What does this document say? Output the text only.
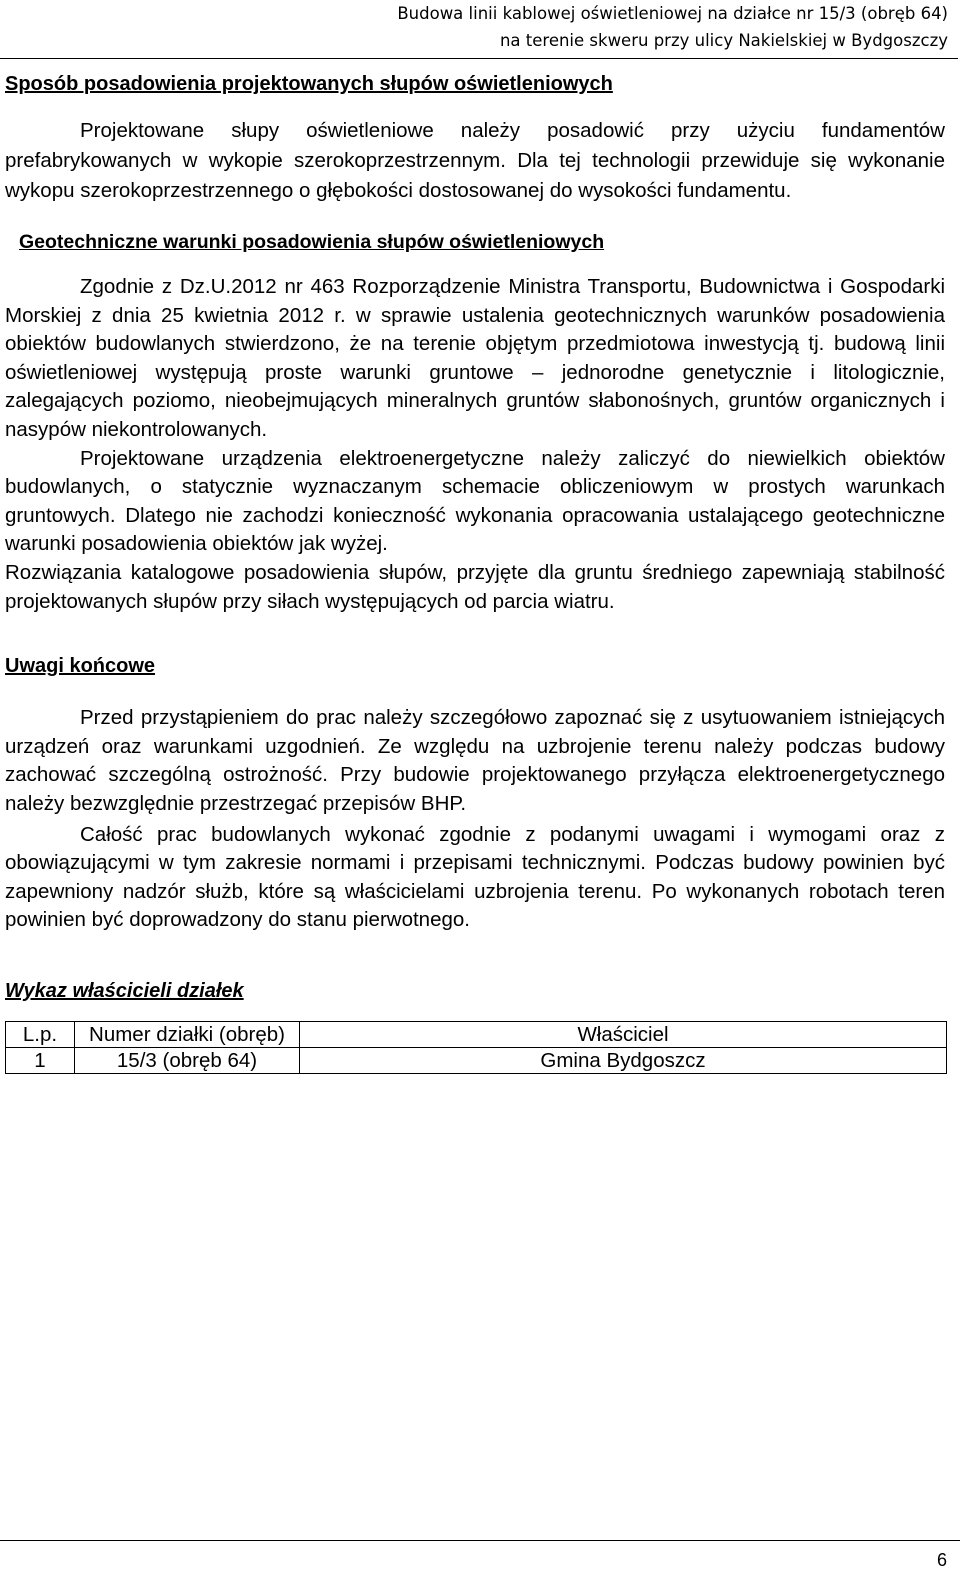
Budowa linii kablowej oświetleniowej na działce nr 15/3 (obręb 64)
na terenie skweru przy ulicy Nakielskiej w Bydgoszczy
Sposób posadowienia projektowanych słupów oświetleniowych

Projektowane słupy oświetleniowe należy posadowić przy użyciu fundamentów prefabrykowanych w wykopie szerokoprzestrzennym. Dla tej technologii przewiduje się wykonanie wykopu szerokoprzestrzennego o głębokości dostosowanej do wysokości fundamentu.

Geotechniczne warunki posadowienia słupów oświetleniowych

Zgodnie z Dz.U.2012 nr 463 Rozporządzenie Ministra Transportu, Budownictwa i Gospodarki Morskiej z dnia 25 kwietnia 2012 r. w sprawie ustalenia geotechnicznych warunków posadowienia obiektów budowlanych stwierdzono, że na terenie objętym przedmiotowa inwestycją tj. budową linii oświetleniowej występują proste warunki gruntowe – jednorodne genetycznie i litologicznie, zalegających poziomo, nieobejmujących mineralnych gruntów słabonośnych, gruntów organicznych i nasypów niekontrolowanych.

Projektowane urządzenia elektroenergetyczne należy zaliczyć do niewielkich obiektów budowlanych, o statycznie wyznaczanym schemacie obliczeniowym w prostych warunkach gruntowych. Dlatego nie zachodzi konieczność wykonania opracowania ustalającego geotechniczne warunki posadowienia obiektów jak wyżej.

Rozwiązania katalogowe posadowienia słupów, przyjęte dla gruntu średniego zapewniają stabilność projektowanych słupów przy siłach występujących od parcia wiatru.

Uwagi końcowe

Przed przystąpieniem do prac należy szczegółowo zapoznać się z usytuowaniem istniejących urządzeń oraz warunkami uzgodnień. Ze względu na uzbrojenie terenu należy podczas budowy zachować szczególną ostrożność. Przy budowie projektowanego przyłącza elektroenergetycznego należy bezwzględnie przestrzegać przepisów BHP.

Całość prac budowlanych wykonać zgodnie z podanymi uwagami i wymogami oraz z obowiązującymi w tym zakresie normami i przepisami technicznymi. Podczas budowy powinien być zapewniony nadzór służb, które są właścicielami uzbrojenia terenu. Po wykonanych robotach teren powinien być doprowadzony do stanu pierwotnego.

Wykaz właścicieli działek
L.p.	Numer działki (obręb)	Właściciel
1	15/3 (obręb 64)	Gmina Bydgoszcz
6
